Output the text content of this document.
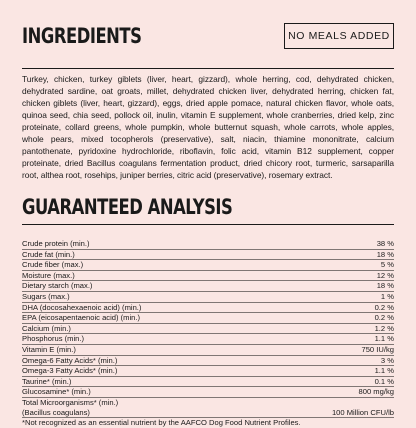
INGREDIENTS	NO MEALS ADDED
Turkey, chicken, turkey giblets (liver, heart, gizzard), whole herring, cod, dehydrated chicken, dehydrated sardine, oat groats, millet, dehydrated chicken liver, dehydrated herring, chicken fat, chicken giblets (liver, heart, gizzard), eggs, dried apple pomace, natural chicken flavor, whole oats, quinoa seed, chia seed, pollock oil, inulin, vitamin E supplement, whole cranberries, dried kelp, zinc proteinate, collard greens, whole pumpkin, whole butternut squash, whole carrots, whole apples, whole pears, mixed tocopherols (preservative), salt, niacin, thiamine mononitrate, calcium pantothenate, pyridoxine hydrochloride, riboflavin, folic acid, vitamin B12 supplement, copper proteinate, dried Bacillus coagulans fermentation product, dried chicory root, turmeric, sarsaparilla root, althea root, rosehips, juniper berries, citric acid (preservative), rosemary extract.
GUARANTEED ANALYSIS
Crude protein (min.)	38 %
Crude fat (min.)	18 %
Crude fiber (max.)	5 %
Moisture (max.)	12 %
Dietary starch (max.)	18 %
Sugars (max.)	1 %
DHA (docosahexaenoic acid) (min.)	0.2 %
EPA (eicosapentaenoic acid) (min.)	0.2 %
Calcium (min.)	1.2 %
Phosphorus (min.)	1.1 %
Vitamin E (min.)	750 IU/kg
Omega-6 Fatty Acids* (min.)	3 %
Omega-3 Fatty Acids* (min.)	1.1 %
Taurine* (min.)	0.1 %
Glucosamine* (min.)	800 mg/kg
Total Microorganisms* (min.)
(Bacillus coagulans)	100 Million CFU/lb
*Not recognized as an essential nutrient by the AAFCO Dog Food Nutrient Profiles.
